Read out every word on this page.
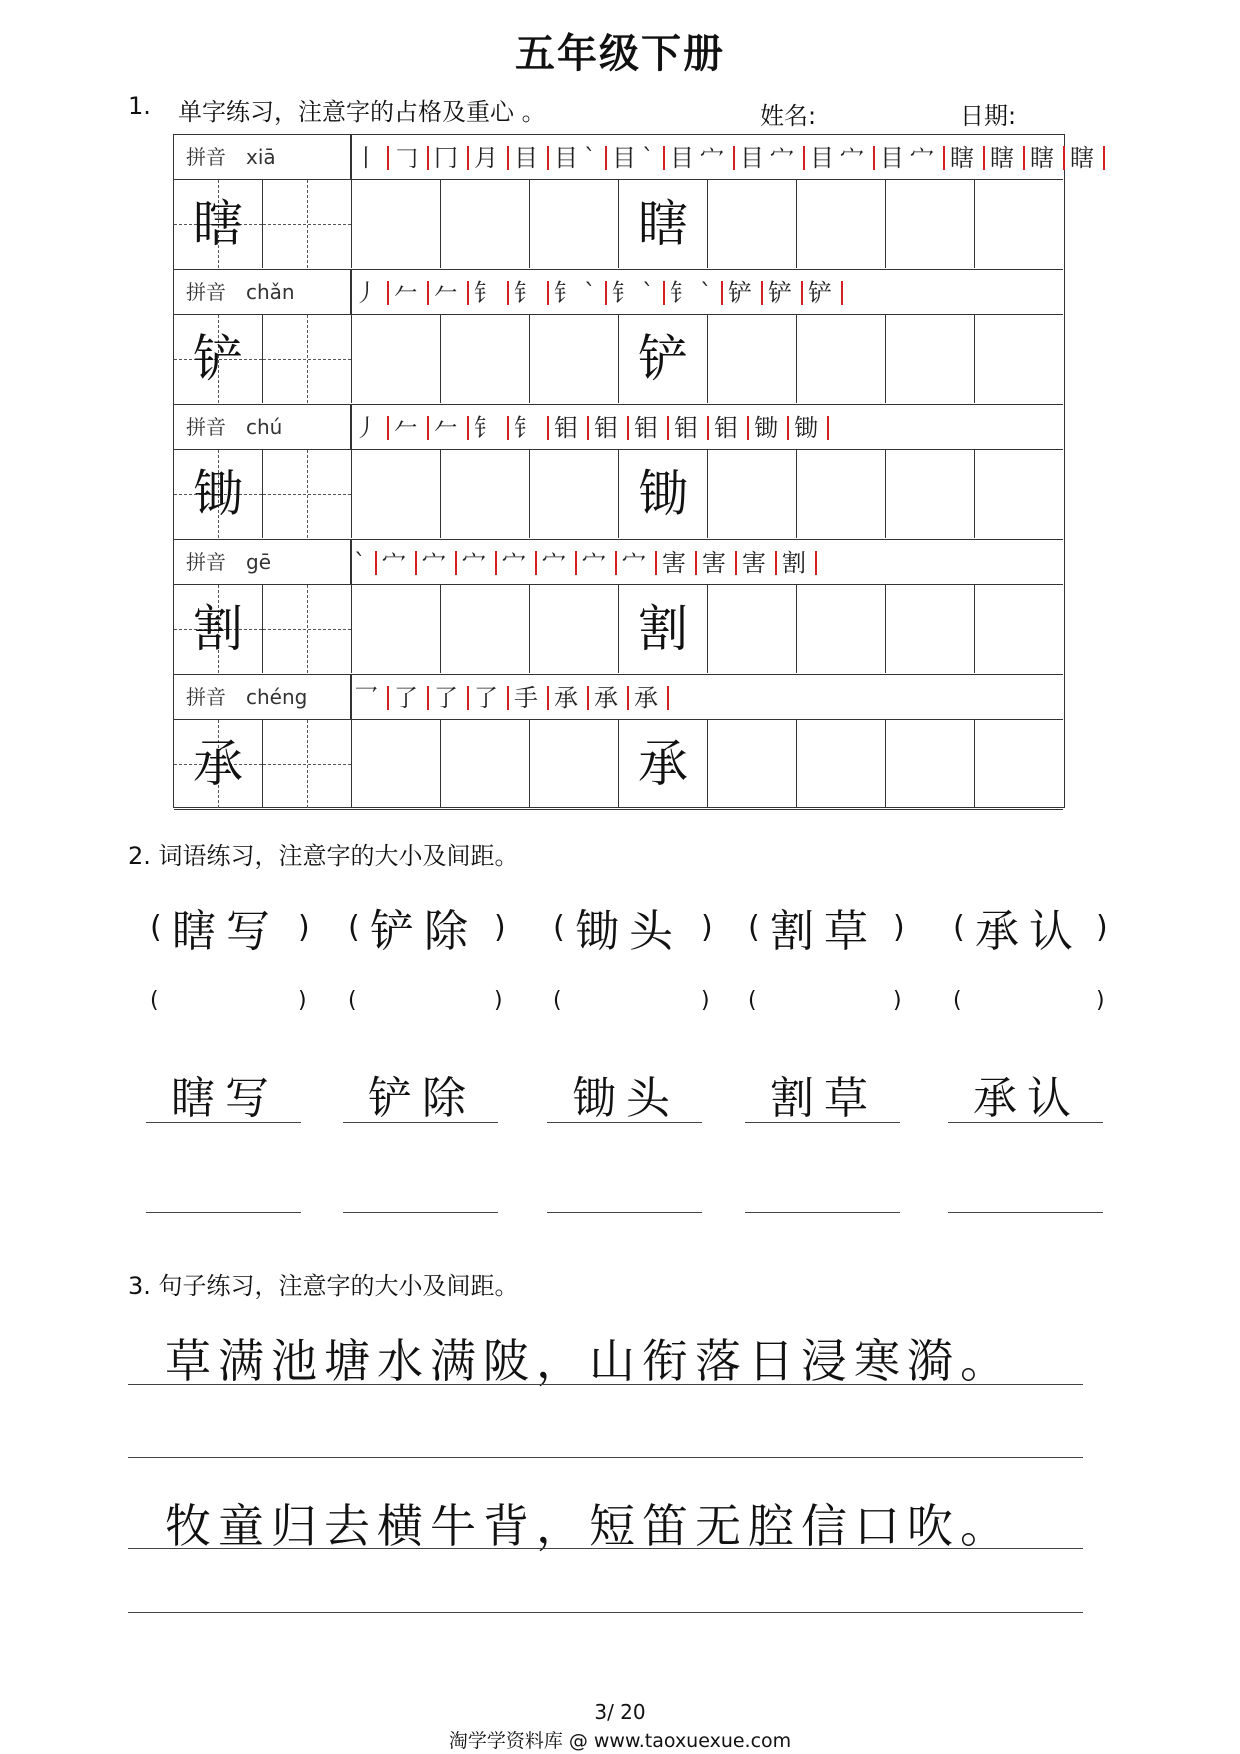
五年级下册
1. 单字练习，注意字的占格及重心 。	姓名:	日期:
拼音 xiā	丨 𠃌 冂 月 目 目` 目` 目宀 目宀 目宀 目宀 瞎 瞎 瞎 瞎
瞎	瞎
拼音 chǎn	丿 𠂉 𠂉 钅 钅 钅` 钅` 钅` 铲 铲 铲
铲	铲
拼音 chú	丿 𠂉 𠂉 钅 钅 钼 钼 钼 钼 钼 锄 锄
锄	锄
拼音 gē	` 宀 宀 宀 宀 宀 宀 宀 害 害 害 割
割	割
拼音 chéng	乛 了 了 了 手 承 承 承
承	承
2. 词语练习，注意字的大小及间距。
( 瞎写 )
(	)
瞎写
( 铲除 )
(	)
铲除
( 锄头 )
(	)
锄头
( 割草 )
(	)
割草
( 承认 )
(	)
承认
3. 句子练习，注意字的大小及间距。
草满池塘水满陂，山衔落日浸寒漪。
牧童归去横牛背，短笛无腔信口吹。
3/ 20
淘学学资料库 @ www.taoxuexue.com
